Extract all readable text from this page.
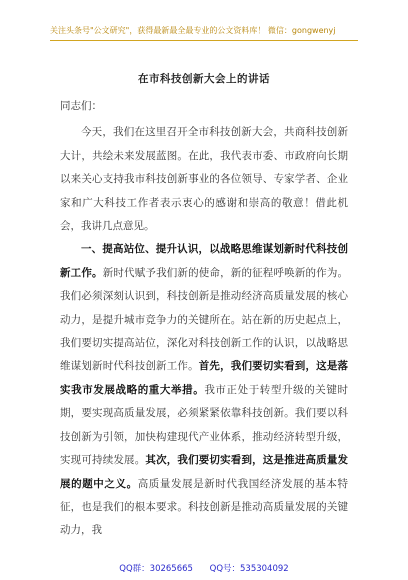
关注头条号"公文研究"，获得最新最全最专业的公文资料库！ 微信：gongwenyj
在市科技创新大会上的讲话

同志们：

今天，我们在这里召开全市科技创新大会，共商科技创新大计，共绘未来发展蓝图。在此，我代表市委、市政府向长期以来关心支持我市科技创新事业的各位领导、专家学者、企业家和广大科技工作者表示衷心的感谢和崇高的敬意！借此机会，我讲几点意见。

一、提高站位、提升认识，以战略思维谋划新时代科技创新工作。新时代赋予我们新的使命，新的征程呼唤新的作为。我们必须深刻认识到，科技创新是推动经济高质量发展的核心动力，是提升城市竞争力的关键所在。站在新的历史起点上，我们要切实提高站位，深化对科技创新工作的认识，以战略思维谋划新时代科技创新工作。首先，我们要切实看到，这是落实我市发展战略的重大举措。我市正处于转型升级的关键时期，要实现高质量发展，必须紧紧依靠科技创新。我们要以科技创新为引领，加快构建现代产业体系，推动经济转型升级，实现可持续发展。其次，我们要切实看到，这是推进高质量发展的题中之义。高质量发展是新时代我国经济发展的基本特征，也是我们的根本要求。科技创新是推动高质量发展的关键动力，我

QQ群：30265665 QQ号：535304092
